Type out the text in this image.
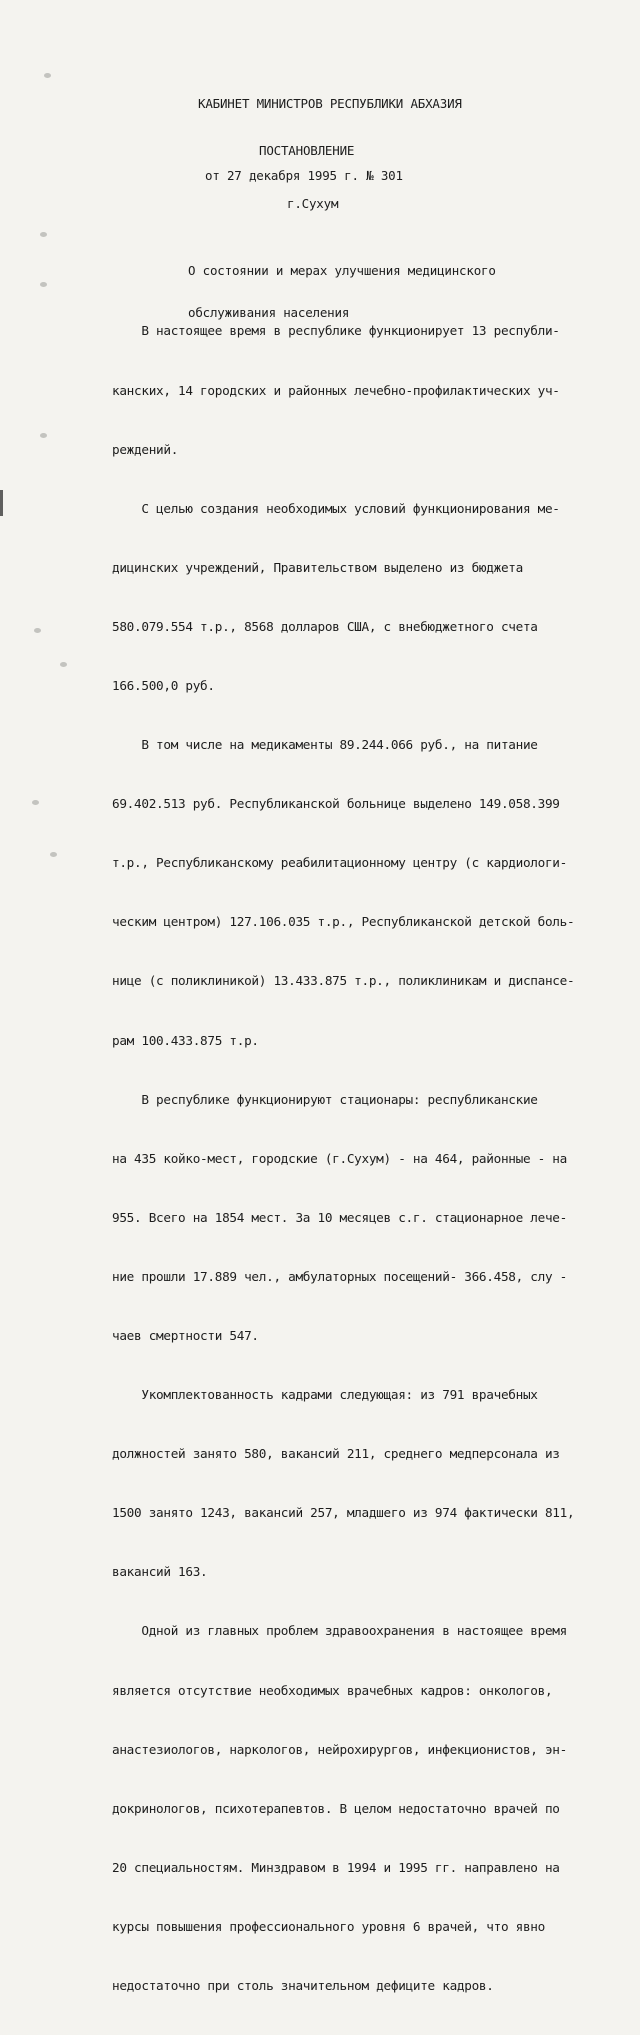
КАБИНЕТ МИНИСТРОВ РЕСПУБЛИКИ АБХАЗИЯ
ПОСТАНОВЛЕНИЕ
от 27 декабря 1995 г. № 301
г.Сухум

О состоянии и мерах улучшения медицинского

обслуживания населения

В настоящее время в республике функционирует 13 республи-

канских, 14 городских и районных лечебно-профилактических уч-

реждений.

С целью создания необходимых условий функционирования ме-

дицинских учреждений, Правительством выделено из бюджета

580.079.554 т.р., 8568 долларов США, с внебюджетного счета

166.500,0 руб.

В том числе на медикаменты 89.244.066 руб., на питание

69.402.513 руб. Республиканской больнице выделено 149.058.399

т.р., Республиканскому реабилитационному центру (с кардиологи-

ческим центром) 127.106.035 т.р., Республиканской детской боль-

нице (с поликлиникой) 13.433.875 т.р., поликлиникам и диспансе-

рам 100.433.875 т.р.

В республике функционируют стационары: республиканские

на 435 койко-мест, городские (г.Сухум) - на 464, районные - на

955. Всего на 1854 мест. За 10 месяцев с.г. стационарное лече-

ние прошли 17.889 чел., амбулаторных посещений- 366.458, слу -

чаев смертности 547.

Укомплектованность кадрами следующая: из 791 врачебных

должностей занято 580, вакансий 211, среднего медперсонала из

1500 занято 1243, вакансий 257, младшего из 974 фактически 811,

вакансий 163.

Одной из главных проблем здравоохранения в настоящее время

является отсутствие необходимых врачебных кадров: онкологов,

анастезиологов, наркологов, нейрохирургов, инфекционистов, эн-

докринологов, психотерапевтов. В целом недостаточно врачей по

20 специальностям. Минздравом в 1994 и 1995 гг. направлено на

курсы повышения профессионального уровня 6 врачей, что явно

недостаточно при столь значительном дефиците кадров.
